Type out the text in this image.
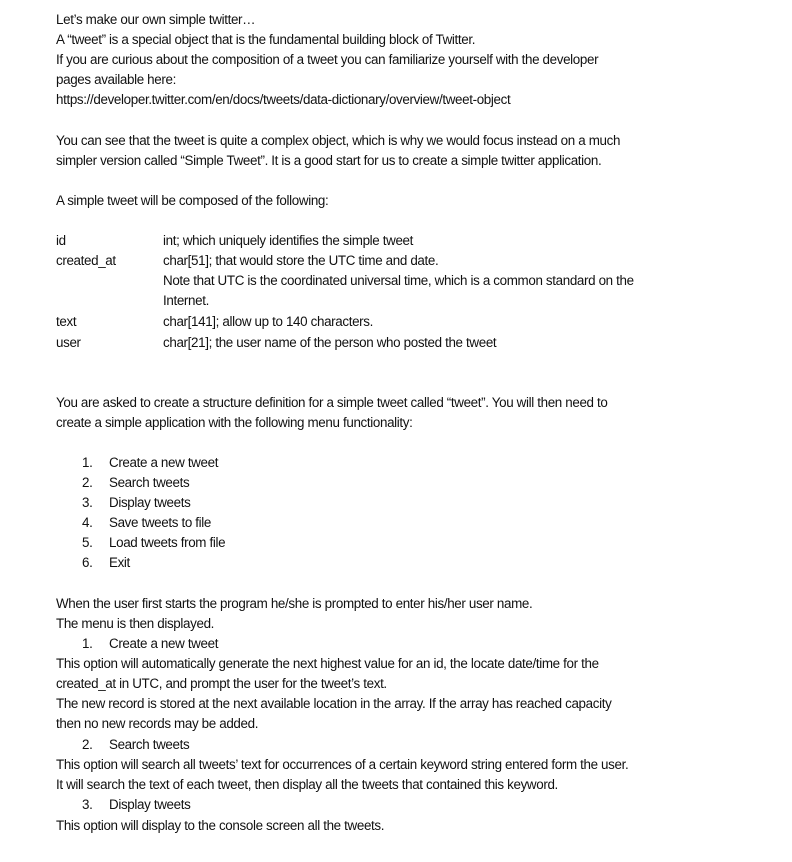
Let’s make our own simple twitter…
A “tweet” is a special object that is the fundamental building block of Twitter.
If you are curious about the composition of a tweet you can familiarize yourself with the developer
pages available here:
https://developer.twitter.com/en/docs/tweets/data-dictionary/overview/tweet-object
You can see that the tweet is quite a complex object, which is why we would focus instead on a much
simpler version called “Simple Tweet”. It is a good start for us to create a simple twitter application.
A simple tweet will be composed of the following:
id	int; which uniquely identifies the simple tweet
created_at	char[51]; that would store the UTC time and date.
Note that UTC is the coordinated universal time, which is a common standard on the
Internet.
text	char[141]; allow up to 140 characters.
user	char[21]; the user name of the person who posted the tweet
You are asked to create a structure definition for a simple tweet called “tweet”. You will then need to
create a simple application with the following menu functionality:
1. Create a new tweet
2. Search tweets
3. Display tweets
4. Save tweets to file
5. Load tweets from file
6. Exit
When the user first starts the program he/she is prompted to enter his/her user name.
The menu is then displayed.
1. Create a new tweet
This option will automatically generate the next highest value for an id, the locate date/time for the
created_at in UTC, and prompt the user for the tweet’s text.
The new record is stored at the next available location in the array. If the array has reached capacity
then no new records may be added.
2. Search tweets
This option will search all tweets’ text for occurrences of a certain keyword string entered form the user.
It will search the text of each tweet, then display all the tweets that contained this keyword.
3. Display tweets
This option will display to the console screen all the tweets.
